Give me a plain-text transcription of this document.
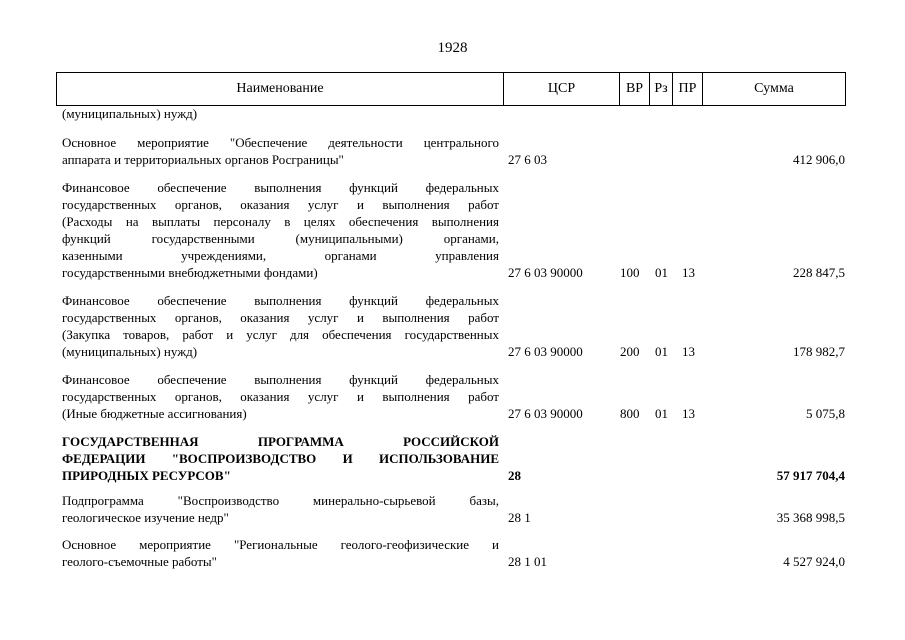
1928
Наименование	ЦСР	ВР Рз ПР	Сумма
(муниципальных) нужд)
Основное мероприятие "Обеспечение деятельности центрального
аппарата и территориальных органов Росграницы"	27 6 03	412 906,0
Финансовое обеспечение выполнения функций федеральных
государственных органов, оказания услуг и выполнения работ
(Расходы на выплаты персоналу в целях обеспечения выполнения
функций государственными (муниципальными) органами,
казенными учреждениями, органами управления
государственными внебюджетными фондами)	27 6 03 90000	100 01 13	228 847,5
Финансовое обеспечение выполнения функций федеральных
государственных органов, оказания услуг и выполнения работ
(Закупка товаров, работ и услуг для обеспечения государственных
(муниципальных) нужд)	27 6 03 90000	200 01 13	178 982,7
Финансовое обеспечение выполнения функций федеральных
государственных органов, оказания услуг и выполнения работ
(Иные бюджетные ассигнования)	27 6 03 90000	800 01 13	5 075,8
ГОСУДАРСТВЕННАЯ ПРОГРАММА РОССИЙСКОЙ
ФЕДЕРАЦИИ "ВОСПРОИЗВОДСТВО И ИСПОЛЬЗОВАНИЕ
ПРИРОДНЫХ РЕСУРСОВ"	28	57 917 704,4
Подпрограмма "Воспроизводство минерально-сырьевой базы,
геологическое изучение недр"	28 1	35 368 998,5
Основное мероприятие "Региональные геолого-геофизические и
геолого-съемочные работы"	28 1 01	4 527 924,0
